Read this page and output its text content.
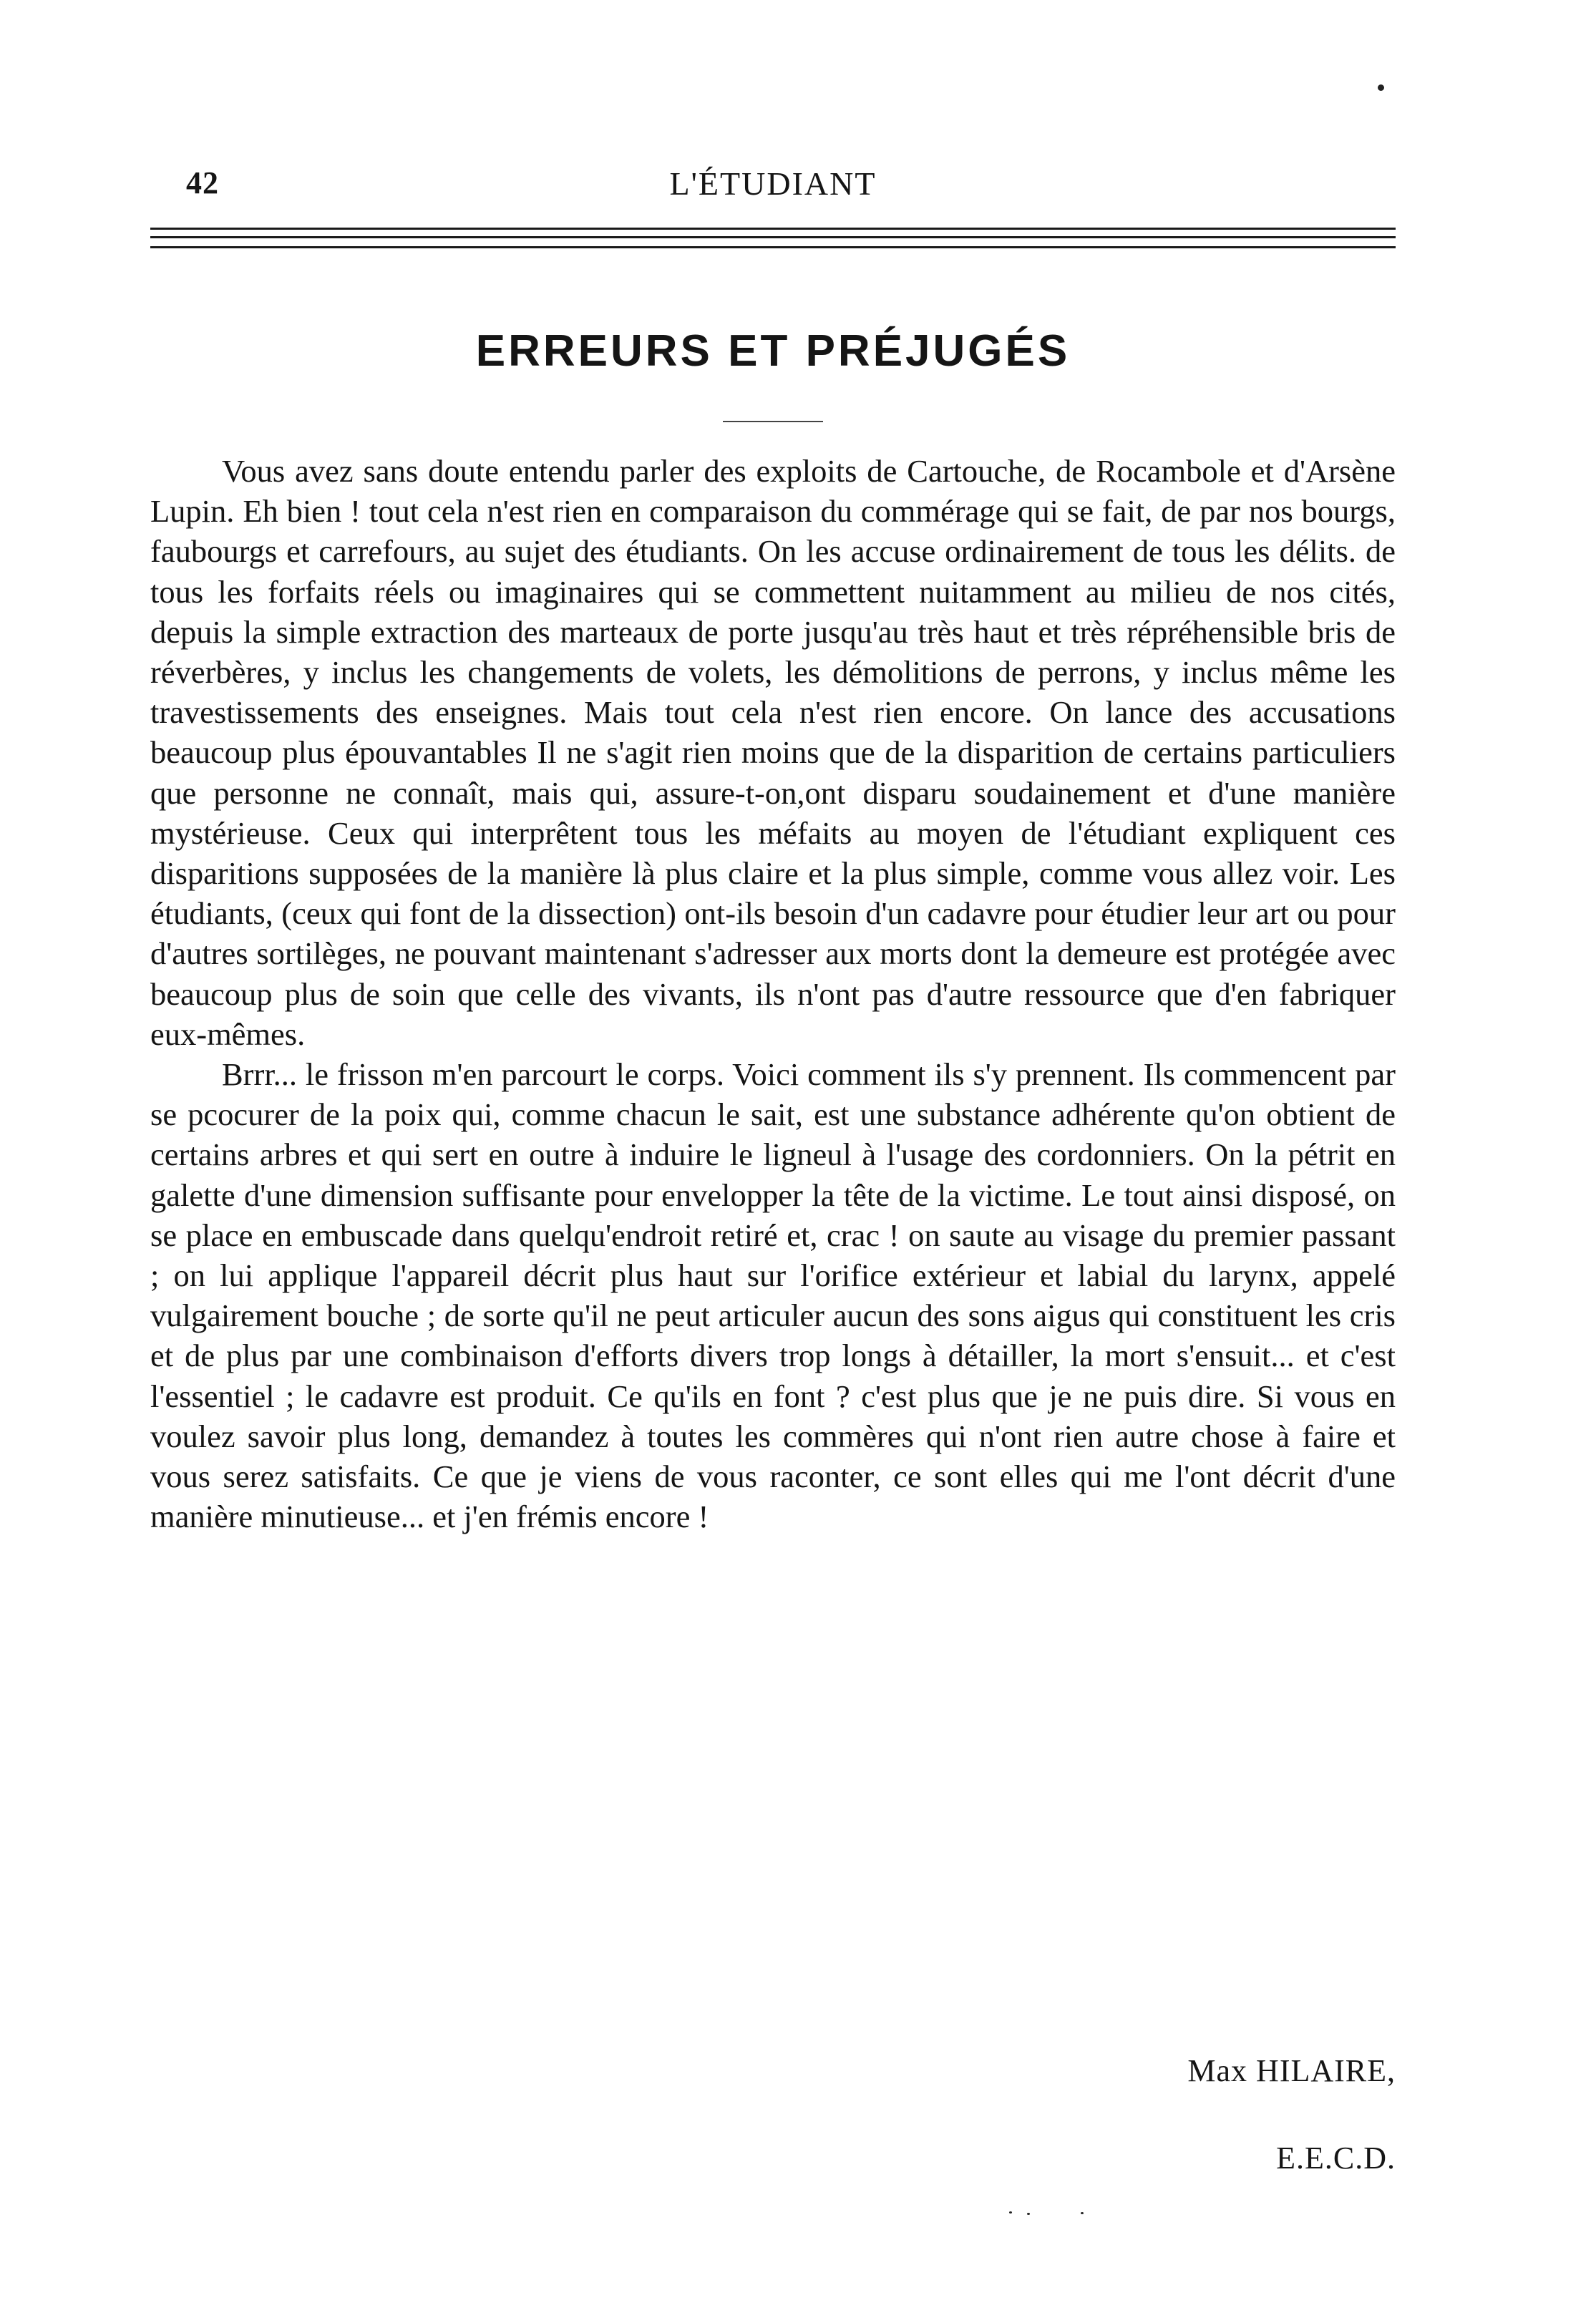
42	L'ÉTUDIANT
ERREURS ET PRÉJUGÉS

Vous avez sans doute entendu parler des exploits de Cartouche, de Rocambole et d'Arsène Lupin. Eh bien ! tout cela n'est rien en comparaison du commérage qui se fait, de par nos bourgs, faubourgs et carrefours, au sujet des étudiants. On les accuse ordinairement de tous les délits. de tous les forfaits réels ou imaginaires qui se commettent nuitamment au milieu de nos cités, depuis la simple extraction des marteaux de porte jusqu'au très haut et très répréhensible bris de réverbères, y inclus les changements de volets, les démolitions de perrons, y inclus même les travestissements des enseignes. Mais tout cela n'est rien encore. On lance des accusations beaucoup plus épouvantables Il ne s'agit rien moins que de la disparition de certains particuliers que personne ne connaît, mais qui, assure-t-on,ont disparu soudainement et d'une manière mystérieuse. Ceux qui interprêtent tous les méfaits au moyen de l'étudiant expliquent ces disparitions supposées de la manière là plus claire et la plus simple, comme vous allez voir. Les étudiants, (ceux qui font de la dissection) ont-ils besoin d'un cadavre pour étudier leur art ou pour d'autres sortilèges, ne pouvant maintenant s'adresser aux morts dont la demeure est protégée avec beaucoup plus de soin que celle des vivants, ils n'ont pas d'autre ressource que d'en fabriquer eux-mêmes.

Brrr... le frisson m'en parcourt le corps. Voici comment ils s'y prennent. Ils commencent par se pcocurer de la poix qui, comme chacun le sait, est une substance adhérente qu'on obtient de certains arbres et qui sert en outre à induire le ligneul à l'usage des cordonniers. On la pétrit en galette d'une dimension suffisante pour envelopper la tête de la victime. Le tout ainsi disposé, on se place en embuscade dans quelqu'endroit retiré et, crac ! on saute au visage du premier passant ; on lui applique l'appareil décrit plus haut sur l'orifice extérieur et labial du larynx, appelé vulgairement bouche ; de sorte qu'il ne peut articuler aucun des sons aigus qui constituent les cris et de plus par une combinaison d'efforts divers trop longs à détailler, la mort s'ensuit... et c'est l'essentiel ; le cadavre est produit. Ce qu'ils en font ? c'est plus que je ne puis dire. Si vous en voulez savoir plus long, demandez à toutes les commères qui n'ont rien autre chose à faire et vous serez satisfaits. Ce que je viens de vous raconter, ce sont elles qui me l'ont décrit d'une manière minutieuse... et j'en frémis encore !

Max HILAIRE,
E.E.C.D.
